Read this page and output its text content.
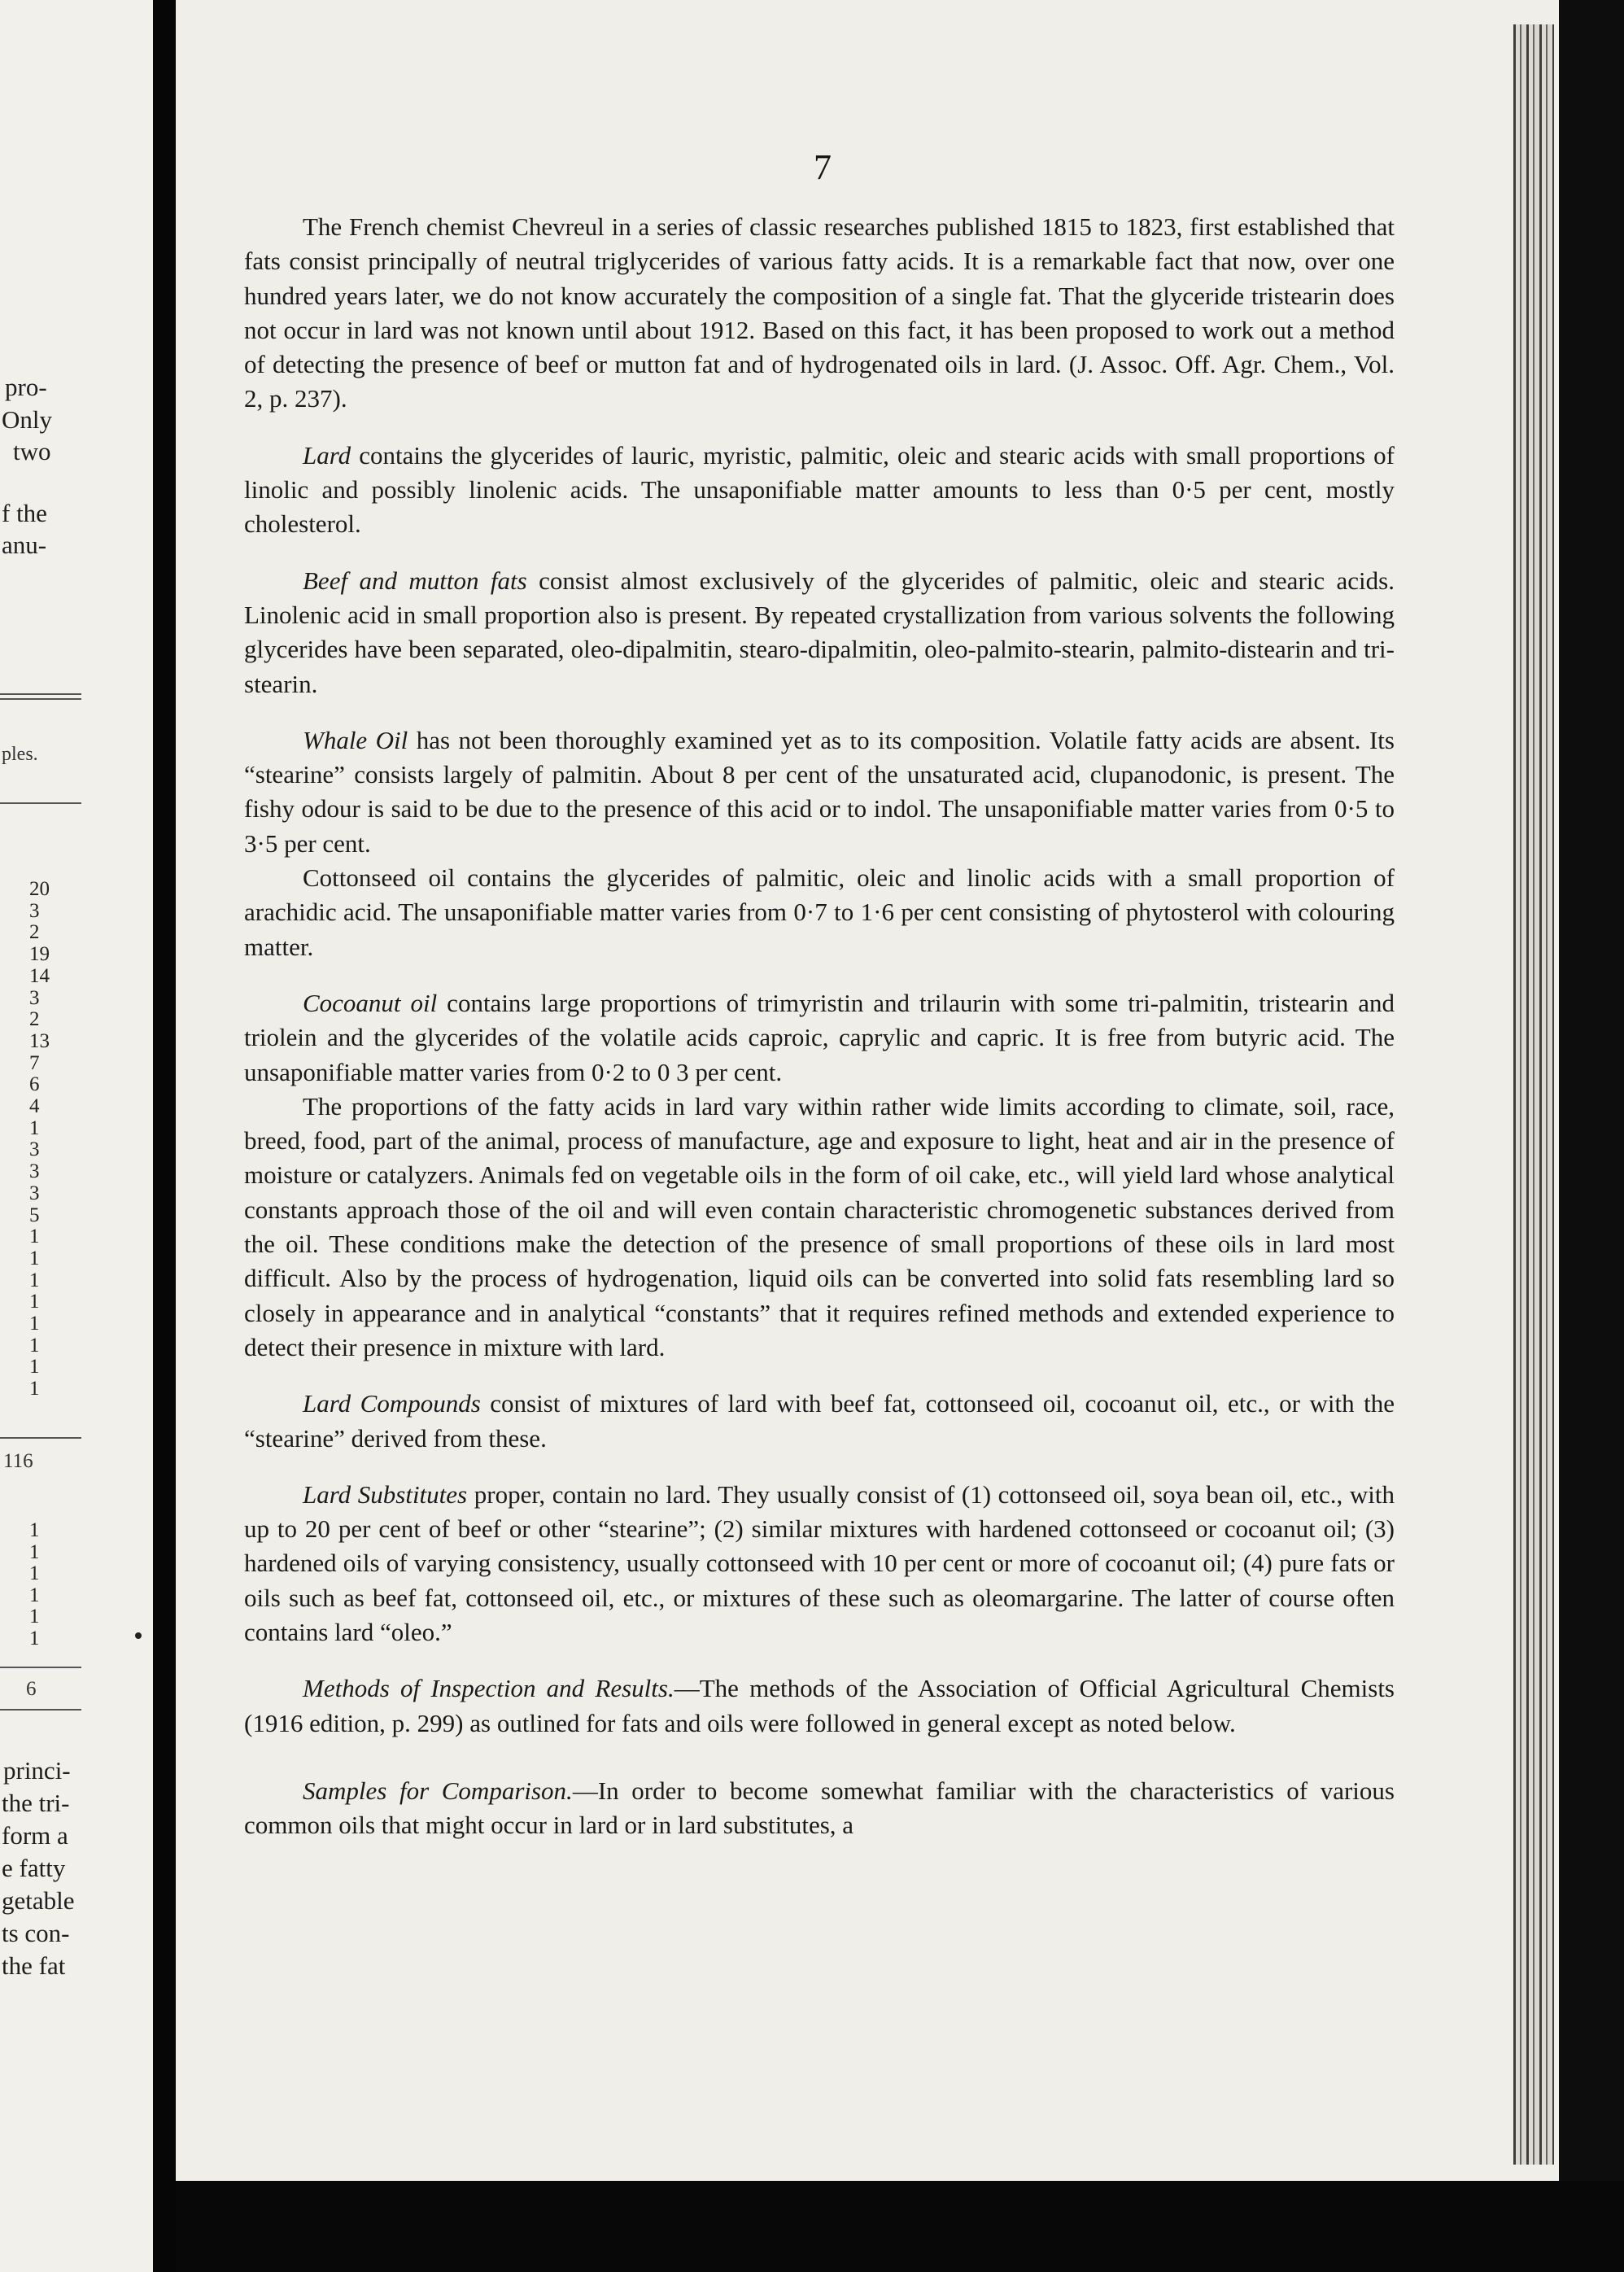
pro-
Only
two
f the
anu-
ples.
20
3
2
19
14
3
2
13
7
6
4
1
3
3
3
5
1
1
1
1
1
1
1
1
116
1
1
1
1
1
1
6
princi-
the tri-
form a
e fatty
getable
ts con-
the fat
7

The French chemist Chevreul in a series of classic researches published 1815 to 1823, first established that fats consist principally of neutral triglycerides of various fatty acids. It is a remarkable fact that now, over one hundred years later, we do not know accurately the composition of a single fat. That the glyceride tristearin does not occur in lard was not known until about 1912. Based on this fact, it has been proposed to work out a method of detecting the presence of beef or mutton fat and of hydrogenated oils in lard. (J. Assoc. Off. Agr. Chem., Vol. 2, p. 237).

Lard contains the glycerides of lauric, myristic, palmitic, oleic and stearic acids with small proportions of linolic and possibly linolenic acids. The unsaponifiable matter amounts to less than 0·5 per cent, mostly cholesterol.

Beef and mutton fats consist almost exclusively of the glycerides of palmitic, oleic and stearic acids. Linolenic acid in small proportion also is present. By repeated crystallization from various solvents the following glycerides have been separated, oleo-dipalmitin, stearo-dipalmitin, oleo-palmito-stearin, palmito-distearin and tri-stearin.

Whale Oil has not been thoroughly examined yet as to its composition. Volatile fatty acids are absent. Its “stearine” consists largely of palmitin. About 8 per cent of the unsaturated acid, clupanodonic, is present. The fishy odour is said to be due to the presence of this acid or to indol. The unsaponifiable matter varies from 0·5 to 3·5 per cent.

Cottonseed oil contains the glycerides of palmitic, oleic and linolic acids with a small proportion of arachidic acid. The unsaponifiable matter varies from 0·7 to 1·6 per cent consisting of phytosterol with colouring matter.

Cocoanut oil contains large proportions of trimyristin and trilaurin with some tri-palmitin, tristearin and triolein and the glycerides of the volatile acids caproic, caprylic and capric. It is free from butyric acid. The unsaponifiable matter varies from 0·2 to 0 3 per cent.

The proportions of the fatty acids in lard vary within rather wide limits according to climate, soil, race, breed, food, part of the animal, process of manufacture, age and exposure to light, heat and air in the presence of moisture or catalyzers. Animals fed on vegetable oils in the form of oil cake, etc., will yield lard whose analytical constants approach those of the oil and will even contain characteristic chromogenetic substances derived from the oil. These conditions make the detection of the presence of small proportions of these oils in lard most difficult. Also by the process of hydrogenation, liquid oils can be converted into solid fats resembling lard so closely in appearance and in analytical “constants” that it requires refined methods and extended experience to detect their presence in mixture with lard.

Lard Compounds consist of mixtures of lard with beef fat, cottonseed oil, cocoanut oil, etc., or with the “stearine” derived from these.

Lard Substitutes proper, contain no lard. They usually consist of (1) cottonseed oil, soya bean oil, etc., with up to 20 per cent of beef or other “stearine”; (2) similar mixtures with hardened cottonseed or cocoanut oil; (3) hardened oils of varying consistency, usually cottonseed with 10 per cent or more of cocoanut oil; (4) pure fats or oils such as beef fat, cottonseed oil, etc., or mixtures of these such as oleomargarine. The latter of course often contains lard “oleo.”

Methods of Inspection and Results.—The methods of the Association of Official Agricultural Chemists (1916 edition, p. 299) as outlined for fats and oils were followed in general except as noted below.

Samples for Comparison.—In order to become somewhat familiar with the characteristics of various common oils that might occur in lard or in lard substitutes, a
